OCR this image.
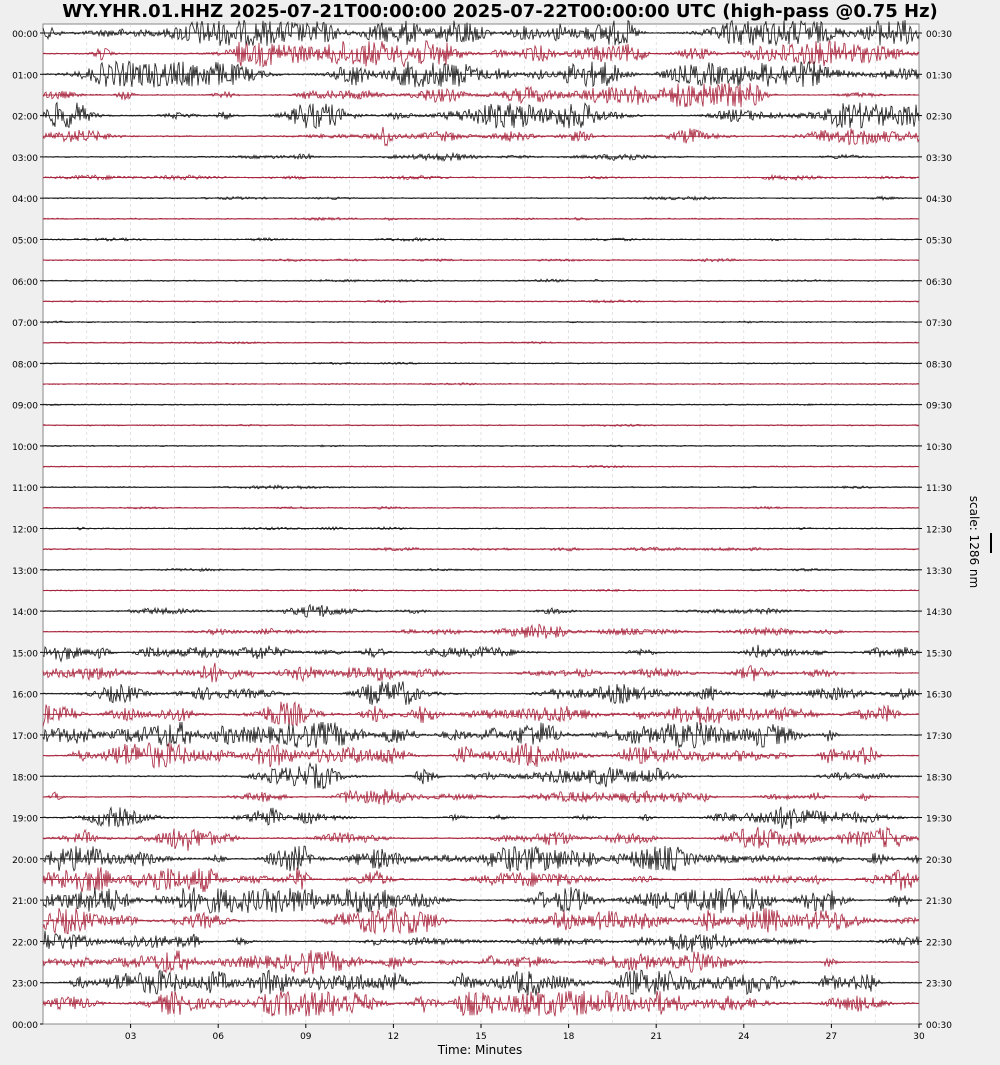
WY.YHR.01.HHZ 2025-07-21T00:00:00 2025-07-22T00:00:00 UTC (high-pass @0.75 Hz)
00:00
01:00
02:00
03:00
04:00
05:00
06:00
07:00
08:00
09:00
10:00
11:00
12:00
13:00
14:00
15:00
16:00
17:00
18:00
19:00
20:00
21:00
22:00
23:00
00:00
00:30
01:30
02:30
03:30
04:30
05:30
06:30
07:30
08:30
09:30
10:30
11:30
12:30
13:30
14:30
15:30
16:30
17:30
18:30
19:30
20:30
21:30
22:30
23:30
00:30
03	06	09	12	15	18	21	24	27	30
scale: 1286 nm
Time: Minutes
